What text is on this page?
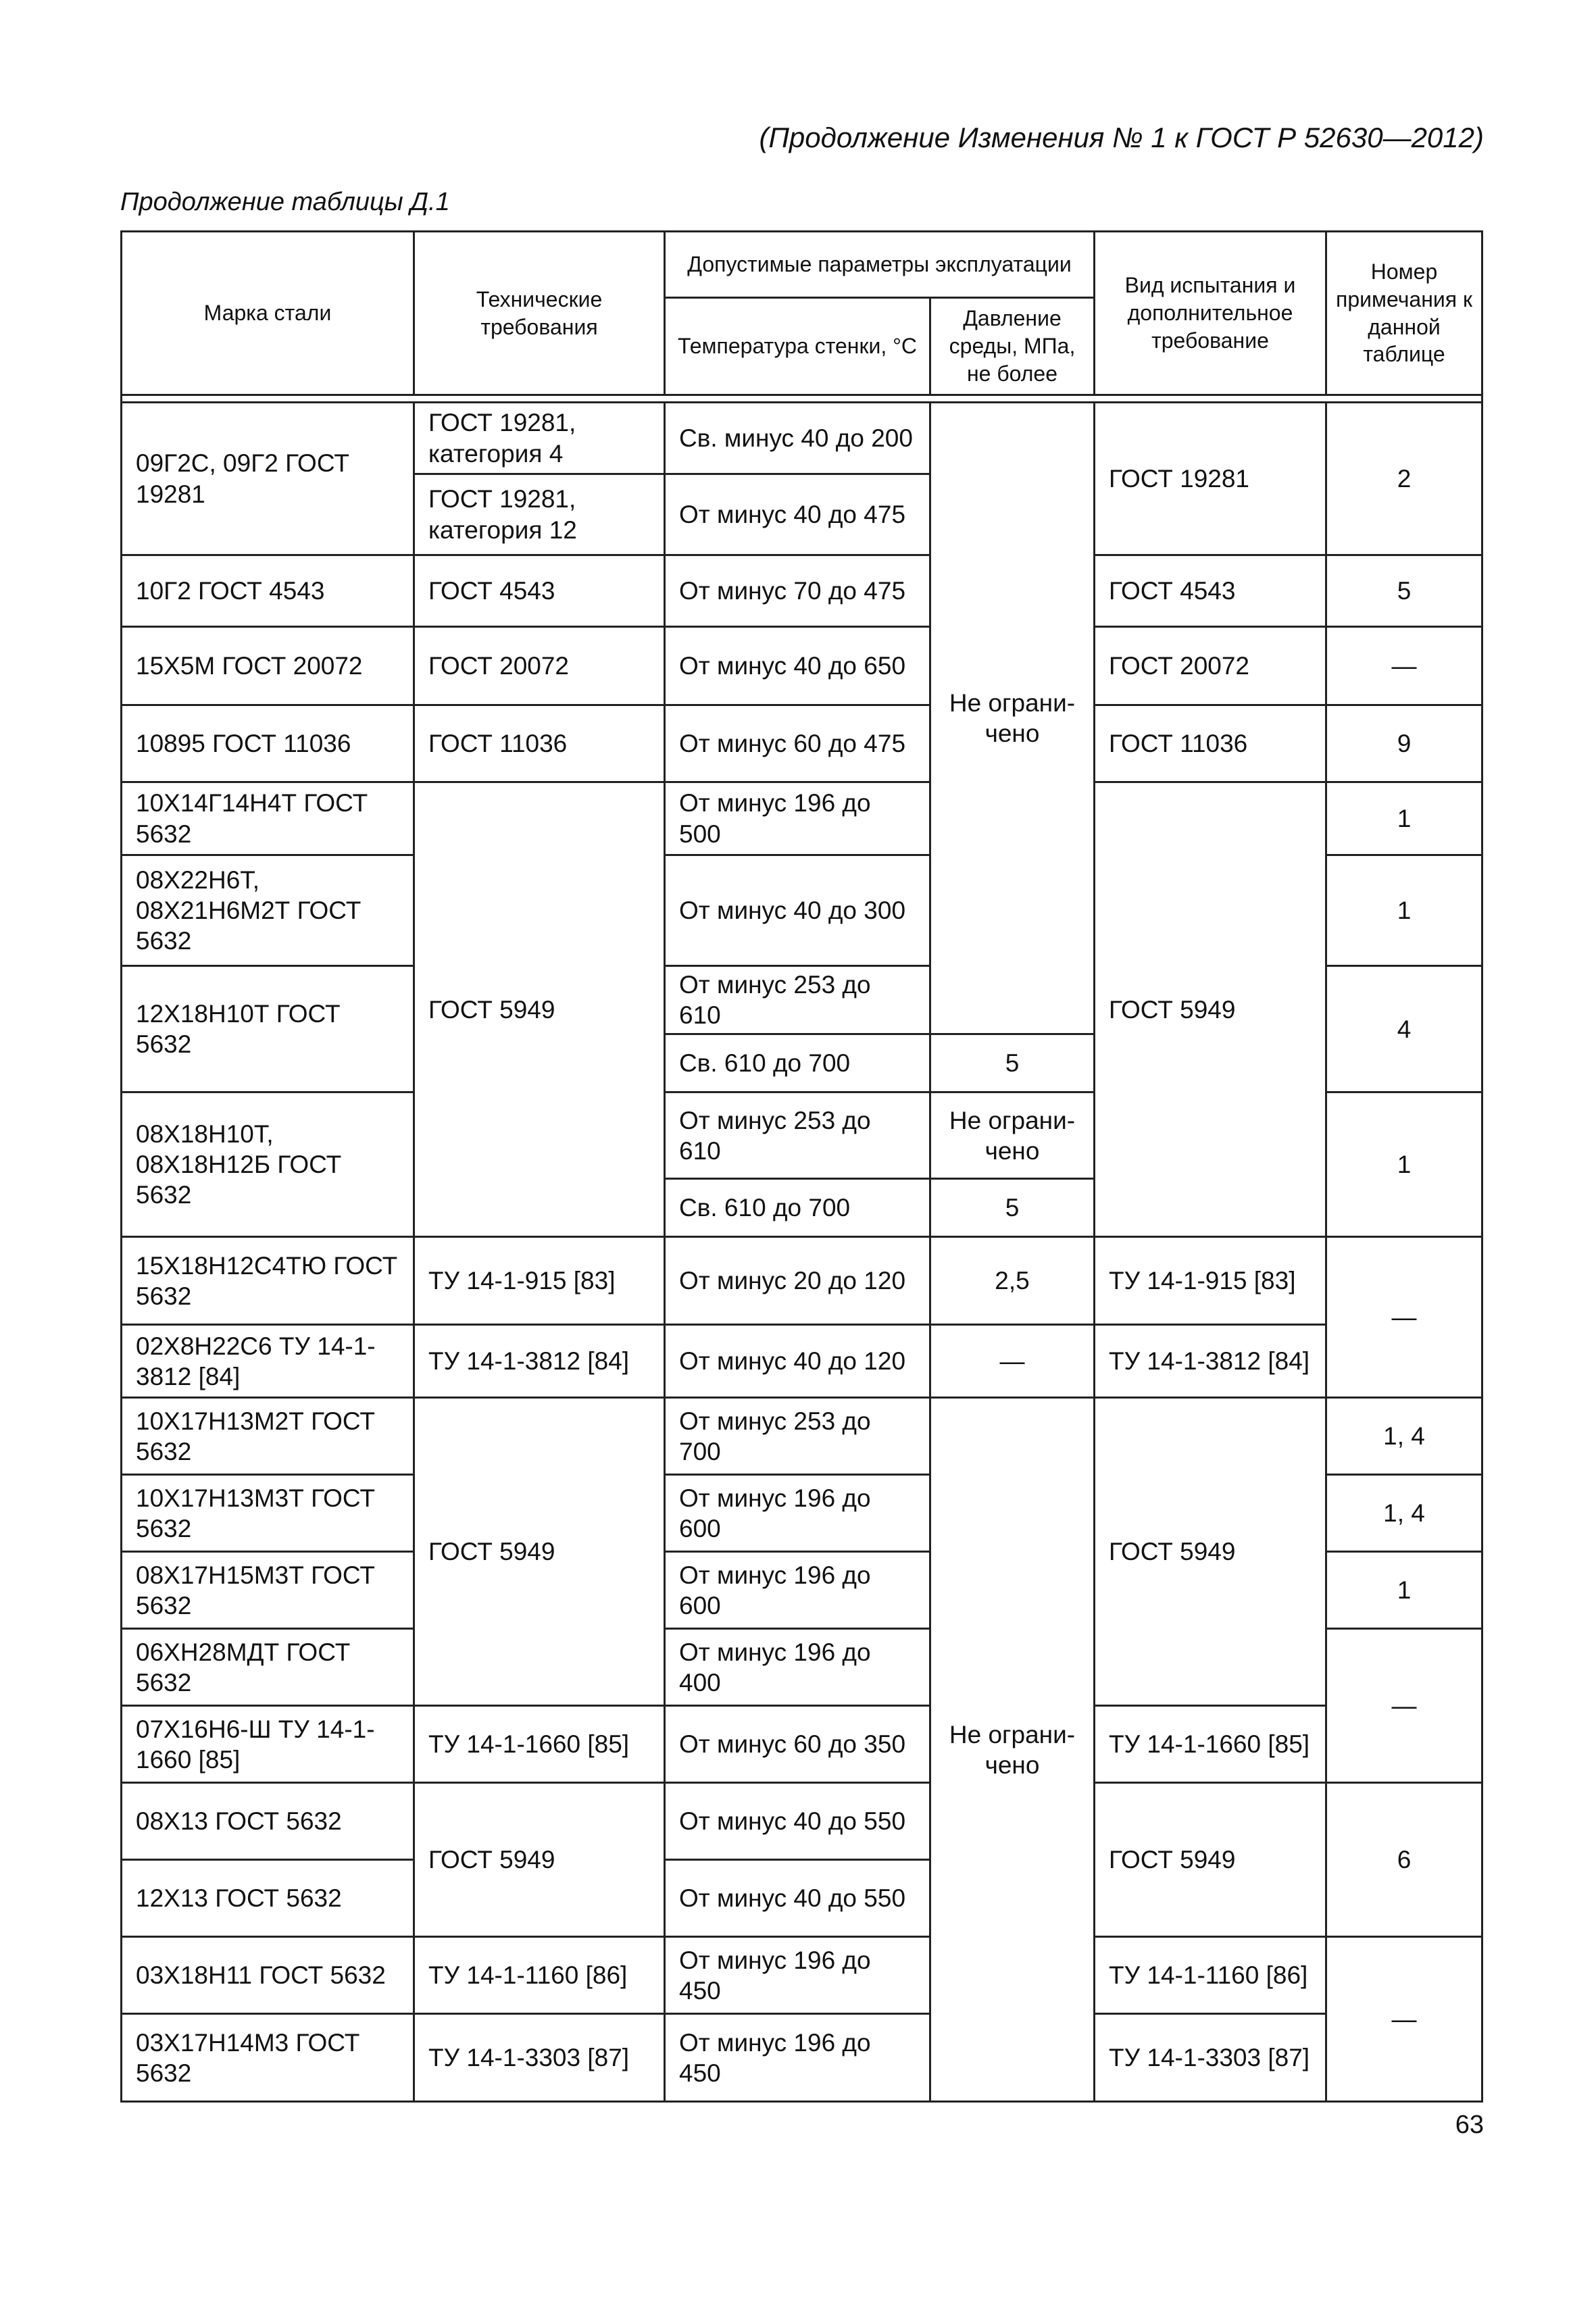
(Продолжение Изменения № 1 к ГОСТ Р 52630—2012)
Продолжение таблицы Д.1
Марка стали	Технические требования	Допустимые параметры эксплуатации		Вид испытания и дополнительное требование	Номер примечания к данной таблице
		Температура стенки, °С	Давление среды, МПа, не более		

09Г2С, 09Г2 ГОСТ 19281	ГОСТ 19281, категория 4	Св. минус 40 до 200	Не ограни-чено	ГОСТ 19281	2
	ГОСТ 19281, категория 12	От минус 40 до 475			
10Г2 ГОСТ 4543	ГОСТ 4543	От минус 70 до 475		ГОСТ 4543	5
15Х5М ГОСТ 20072	ГОСТ 20072	От минус 40 до 650		ГОСТ 20072	—
10895 ГОСТ 11036	ГОСТ 11036	От минус 60 до 475		ГОСТ 11036	9
10Х14Г14Н4Т ГОСТ 5632	ГОСТ 5949	От минус 196 до 500		ГОСТ 5949	1
08Х22Н6Т, 08Х21Н6М2Т ГОСТ 5632		От минус 40 до 300			1
12Х18Н10Т ГОСТ 5632		От минус 253 до 610			4
		Св. 610 до 700	5		
08Х18Н10Т, 08Х18Н12Б ГОСТ 5632		От минус 253 до 610	Не ограни-чено		1
		Св. 610 до 700	5		
15Х18Н12С4ТЮ ГОСТ 5632	ТУ 14-1-915 [83]	От минус 20 до 120	2,5	ТУ 14-1-915 [83]	—
02Х8Н22С6 ТУ 14-1-3812 [84]	ТУ 14-1-3812 [84]	От минус 40 до 120	—	ТУ 14-1-3812 [84]	
10Х17Н13М2Т ГОСТ 5632	ГОСТ 5949	От минус 253 до 700	Не ограни-чено	ГОСТ 5949	1, 4
10Х17Н13М3Т ГОСТ 5632		От минус 196 до 600			1, 4
08Х17Н15М3Т ГОСТ 5632		От минус 196 до 600			1
06ХН28МДТ ГОСТ 5632		От минус 196 до 400			—
07Х16Н6-Ш ТУ 14-1-1660 [85]	ТУ 14-1-1660 [85]	От минус 60 до 350		ТУ 14-1-1660 [85]	
08Х13 ГОСТ 5632	ГОСТ 5949	От минус 40 до 550		ГОСТ 5949	6
12Х13 ГОСТ 5632		От минус 40 до 550			
03Х18Н11 ГОСТ 5632	ТУ 14-1-1160 [86]	От минус 196 до 450		ТУ 14-1-1160 [86]	—
03Х17Н14М3 ГОСТ 5632	ТУ 14-1-3303 [87]	От минус 196 до 450		ТУ 14-1-3303 [87]	
63
